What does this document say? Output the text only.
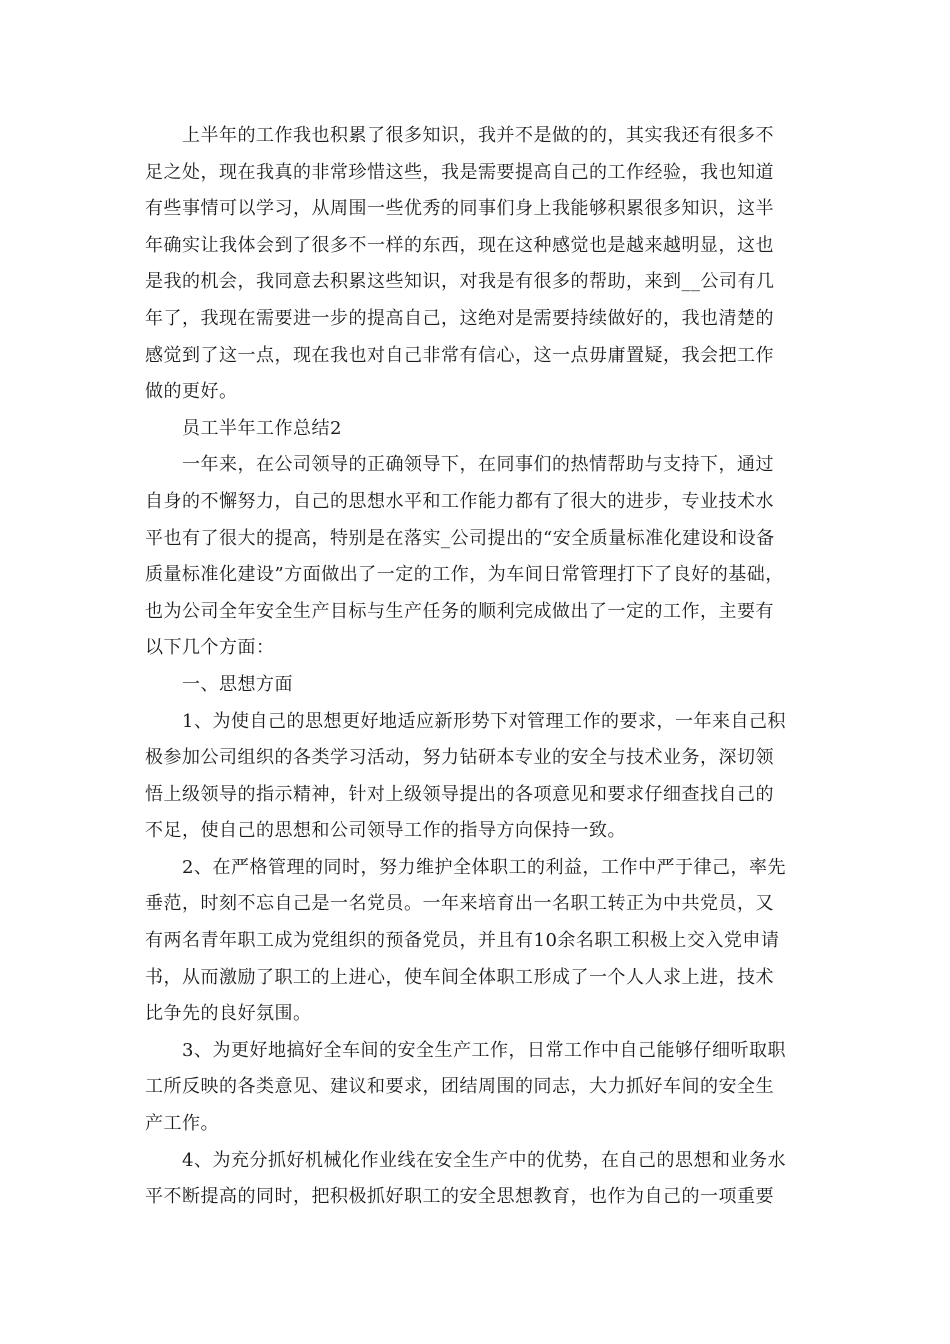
　　上半年的工作我也积累了很多知识，我并不是做的的，其实我还有很多不
足之处，现在我真的非常珍惜这些，我是需要提高自己的工作经验，我也知道
有些事情可以学习，从周围一些优秀的同事们身上我能够积累很多知识，这半
年确实让我体会到了很多不一样的东西，现在这种感觉也是越来越明显，这也
是我的机会，我同意去积累这些知识，对我是有很多的帮助，来到__公司有几
年了，我现在需要进一步的提高自己，这绝对是需要持续做好的，我也清楚的
感觉到了这一点，现在我也对自己非常有信心，这一点毋庸置疑，我会把工作
做的更好。
　　员工半年工作总结2
　　一年来，在公司领导的正确领导下，在同事们的热情帮助与支持下，通过
自身的不懈努力，自己的思想水平和工作能力都有了很大的进步，专业技术水
平也有了很大的提高，特别是在落实_公司提出的“安全质量标准化建设和设备
质量标准化建设”方面做出了一定的工作，为车间日常管理打下了良好的基础，
也为公司全年安全生产目标与生产任务的顺利完成做出了一定的工作，主要有
以下几个方面：
　　一、思想方面
　　1、为使自己的思想更好地适应新形势下对管理工作的要求，一年来自己积
极参加公司组织的各类学习活动，努力钻研本专业的安全与技术业务，深切领
悟上级领导的指示精神，针对上级领导提出的各项意见和要求仔细查找自己的
不足，使自己的思想和公司领导工作的指导方向保持一致。
　　2、在严格管理的同时，努力维护全体职工的利益，工作中严于律己，率先
垂范，时刻不忘自己是一名党员。一年来培育出一名职工转正为中共党员，又
有两名青年职工成为党组织的预备党员，并且有10余名职工积极上交入党申请
书，从而激励了职工的上进心，使车间全体职工形成了一个人人求上进，技术
比争先的良好氛围。
　　3、为更好地搞好全车间的安全生产工作，日常工作中自己能够仔细听取职
工所反映的各类意见、建议和要求，团结周围的同志，大力抓好车间的安全生
产工作。
　　4、为充分抓好机械化作业线在安全生产中的优势，在自己的思想和业务水
平不断提高的同时，把积极抓好职工的安全思想教育，也作为自己的一项重要
